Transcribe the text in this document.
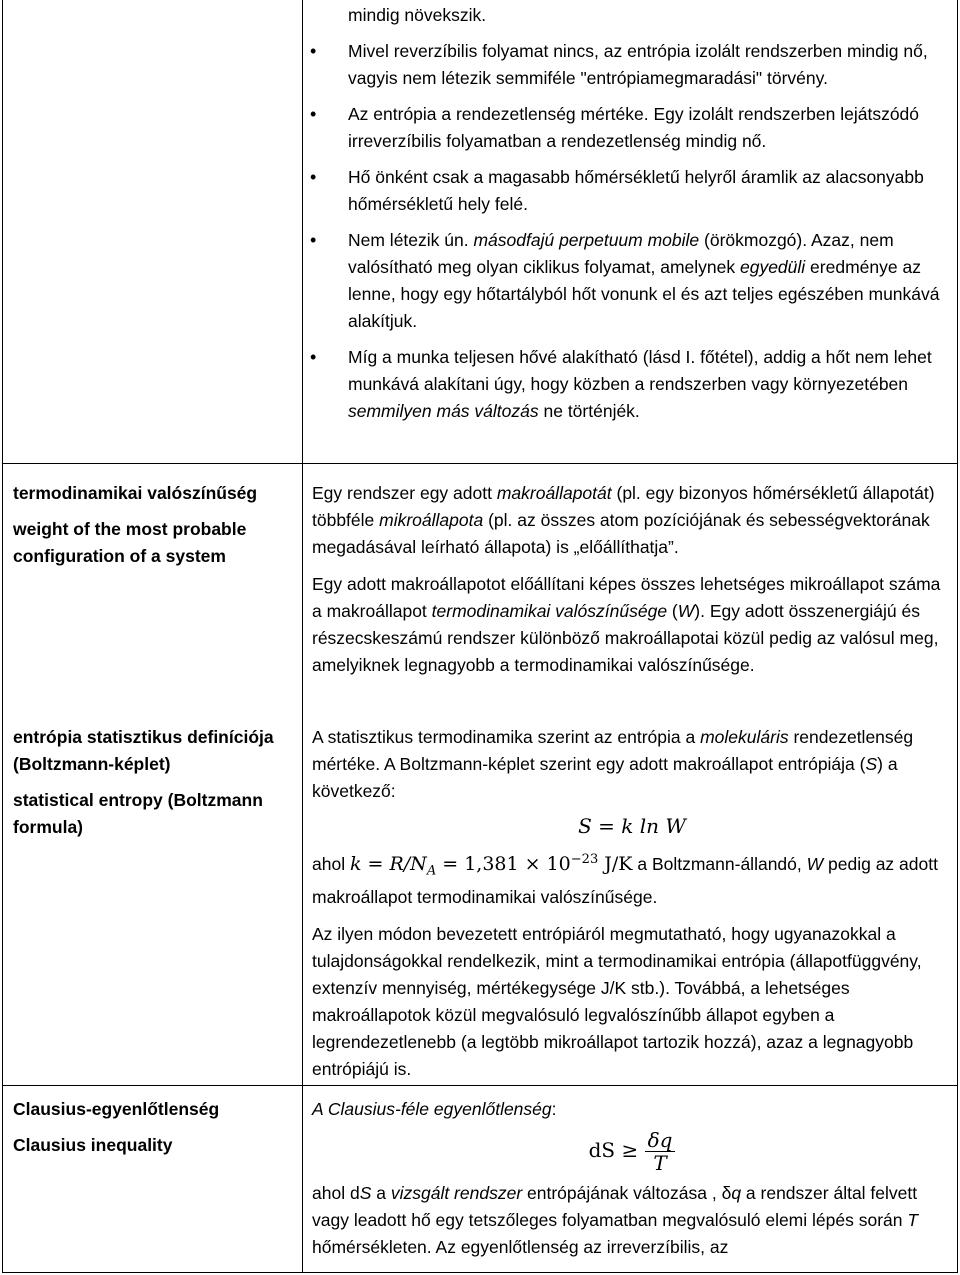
termodinamikai valószínűség

weight of the most probable configuration of a system

entrópia statisztikus definíciója (Boltzmann-képlet)

statistical entropy (Boltzmann formula)

Clausius-egyenlőtlenség

Clausius inequality

mindig növekszik.

• Mivel reverzíbilis folyamat nincs, az entrópia izolált rendszerben mindig nő, vagyis nem létezik semmiféle "entrópiamegmaradási" törvény.
• Az entrópia a rendezetlenség mértéke. Egy izolált rendszerben lejátszódó irreverzíbilis folyamatban a rendezetlenség mindig nő.
• Hő önként csak a magasabb hőmérsékletű helyről áramlik az alacsonyabb hőmérsékletű hely felé.
• Nem létezik ún. másodfajú perpetuum mobile (örökmozgó). Azaz, nem valósítható meg olyan ciklikus folyamat, amelynek egyedüli eredménye az lenne, hogy egy hőtartályból hőt vonunk el és azt teljes egészében munkává alakítjuk.
• Míg a munka teljesen hővé alakítható (lásd I. főtétel), addig a hőt nem lehet munkává alakítani úgy, hogy közben a rendszerben vagy környezetében semmilyen más változás ne történjék.

Egy rendszer egy adott makroállapotát (pl. egy bizonyos hőmérsékletű állapotát) többféle mikroállapota (pl. az összes atom pozíciójának és sebességvektorának megadásával leírható állapota) is „előállíthatja”.

Egy adott makroállapotot előállítani képes összes lehetséges mikroállapot száma a makroállapot termodinamikai valószínűsége (W). Egy adott összenergiájú és részecskeszámú rendszer különböző makroállapotai közül pedig az valósul meg, amelyiknek legnagyobb a termodinamikai valószínűsége.

A statisztikus termodinamika szerint az entrópia a molekuláris rendezetlenség mértéke. A Boltzmann-képlet szerint egy adott makroállapot entrópiája (S) a következő:

S = k ln W

ahol $k = R/N_A = 1,381 \times 10^{-23}$ J/K a Boltzmann-állandó, W pedig az adott makroállapot termodinamikai valószínűsége.

Az ilyen módon bevezetett entrópiáról megmutatható, hogy ugyanazokkal a tulajdonságokkal rendelkezik, mint a termodinamikai entrópia (állapotfüggvény, extenzív mennyiség, mértékegysége J/K stb.). Továbbá, a lehetséges makroállapotok közül megvalósuló legvalószínűbb állapot egyben a legrendezetlenebb (a legtöbb mikroállapot tartozik hozzá), azaz a legnagyobb entrópiájú is.

A Clausius-féle egyenlőtlenség:

dS ≥ $\frac{\delta q}{T}$

ahol dS a vizsgált rendszer entrópájának változása , δq a rendszer által felvett vagy leadott hő egy tetszőleges folyamatban megvalósuló elemi lépés során T hőmérsékleten. Az egyenlőtlenség az irreverzíbilis, az
